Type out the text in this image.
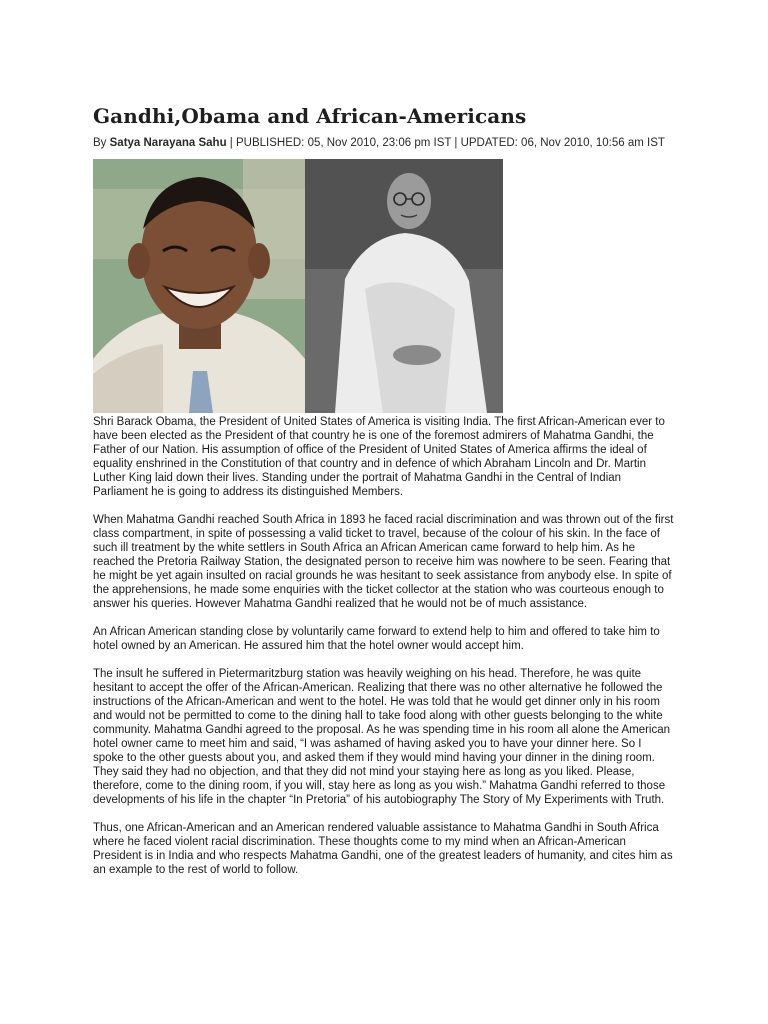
Gandhi,Obama and African-Americans
By Satya Narayana Sahu | PUBLISHED: 05, Nov 2010, 23:06 pm IST | UPDATED: 06, Nov 2010, 10:56 am IST

Shri Barack Obama, the President of United States of America is visiting India. The first African-American ever to have been elected as the President of that country he is one of the foremost admirers of Mahatma Gandhi, the Father of our Nation. His assumption of office of the President of United States of America affirms the ideal of equality enshrined in the Constitution of that country and in defence of which Abraham Lincoln and Dr. Martin Luther King laid down their lives. Standing under the portrait of Mahatma Gandhi in the Central of Indian Parliament he is going to address its distinguished Members.

When Mahatma Gandhi reached South Africa in 1893 he faced racial discrimination and was thrown out of the first class compartment, in spite of possessing a valid ticket to travel, because of the colour of his skin. In the face of such ill treatment by the white settlers in South Africa an African American came forward to help him. As he reached the Pretoria Railway Station, the designated person to receive him was nowhere to be seen. Fearing that he might be yet again insulted on racial grounds he was hesitant to seek assistance from anybody else. In spite of the apprehensions, he made some enquiries with the ticket collector at the station who was courteous enough to answer his queries. However Mahatma Gandhi realized that he would not be of much assistance.

An African American standing close by voluntarily came forward to extend help to him and offered to take him to hotel owned by an American. He assured him that the hotel owner would accept him.

The insult he suffered in Pietermaritzburg station was heavily weighing on his head. Therefore, he was quite hesitant to accept the offer of the African-American. Realizing that there was no other alternative he followed the instructions of the African-American and went to the hotel. He was told that he would get dinner only in his room and would not be permitted to come to the dining hall to take food along with other guests belonging to the white community. Mahatma Gandhi agreed to the proposal. As he was spending time in his room all alone the American hotel owner came to meet him and said, “I was ashamed of having asked you to have your dinner here. So I spoke to the other guests about you, and asked them if they would mind having your dinner in the dining room. They said they had no objection, and that they did not mind your staying here as long as you liked. Please, therefore, come to the dining room, if you will, stay here as long as you wish.” Mahatma Gandhi referred to those developments of his life in the chapter “In Pretoria” of his autobiography The Story of My Experiments with Truth.

Thus, one African-American and an American rendered valuable assistance to Mahatma Gandhi in South Africa where he faced violent racial discrimination. These thoughts come to my mind when an African-American President is in India and who respects Mahatma Gandhi, one of the greatest leaders of humanity, and cites him as an example to the rest of world to follow.
